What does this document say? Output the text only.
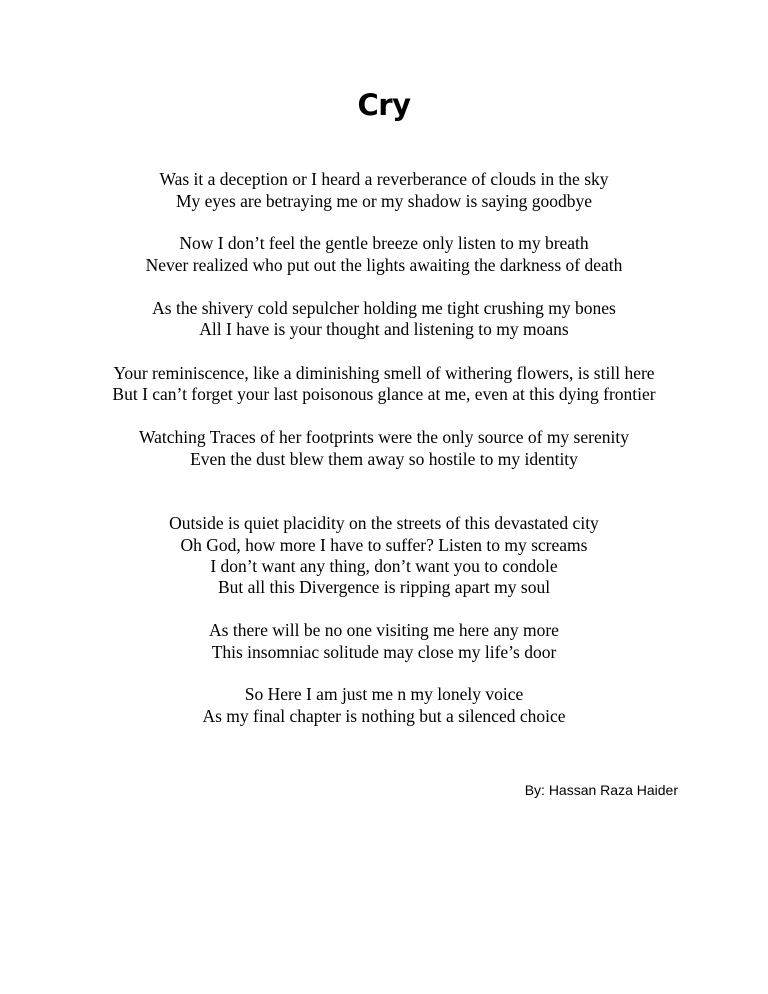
Cry

Was it a deception or I heard a reverberance of clouds in the sky

My eyes are betraying me or my shadow is saying goodbye

Now I don’t feel the gentle breeze only listen to my breath

Never realized who put out the lights awaiting the darkness of death

As the shivery cold sepulcher holding me tight crushing my bones

All I have is your thought and listening to my moans

Your reminiscence, like a diminishing smell of withering flowers, is still here

But I can’t forget your last poisonous glance at me, even at this dying frontier

Watching Traces of her footprints were the only source of my serenity

Even the dust blew them away so hostile to my identity

Outside is quiet placidity on the streets of this devastated city

Oh God, how more I have to suffer? Listen to my screams

I don’t want any thing, don’t want you to condole

But all this Divergence is ripping apart my soul

As there will be no one visiting me here any more

This insomniac solitude may close my life’s door

So Here I am just me n my lonely voice

As my final chapter is nothing but a silenced choice

By: Hassan Raza Haider
